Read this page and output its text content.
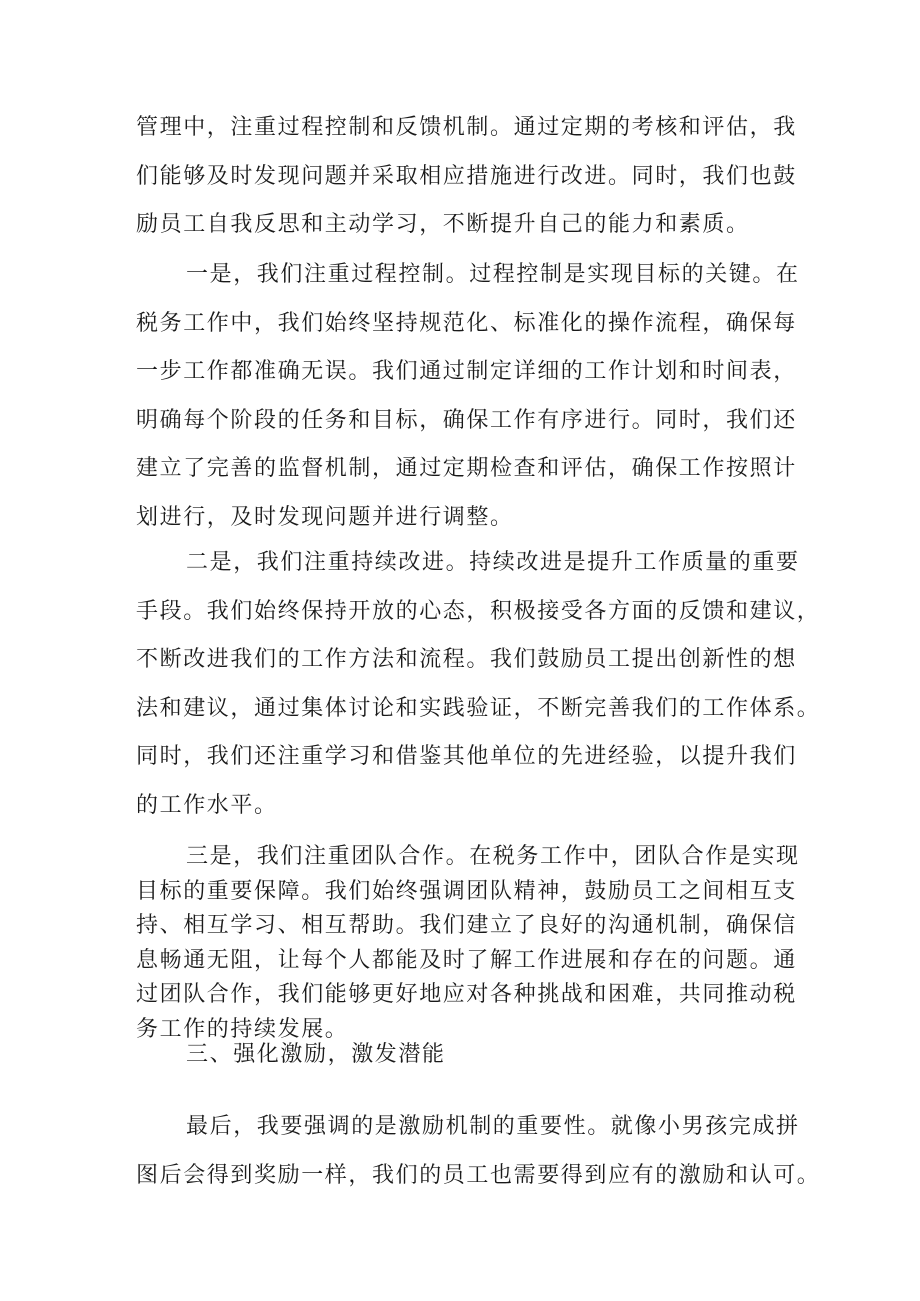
管理中，注重过程控制和反馈机制。通过定期的考核和评估，我
们能够及时发现问题并采取相应措施进行改进。同时，我们也鼓
励员工自我反思和主动学习，不断提升自己的能力和素质。
一是，我们注重过程控制。过程控制是实现目标的关键。在
税务工作中，我们始终坚持规范化、标准化的操作流程，确保每
一步工作都准确无误。我们通过制定详细的工作计划和时间表，
明确每个阶段的任务和目标，确保工作有序进行。同时，我们还
建立了完善的监督机制，通过定期检查和评估，确保工作按照计
划进行，及时发现问题并进行调整。
二是，我们注重持续改进。持续改进是提升工作质量的重要
手段。我们始终保持开放的心态，积极接受各方面的反馈和建议，
不断改进我们的工作方法和流程。我们鼓励员工提出创新性的想
法和建议，通过集体讨论和实践验证，不断完善我们的工作体系。
同时，我们还注重学习和借鉴其他单位的先进经验，以提升我们
的工作水平。
三是，我们注重团队合作。在税务工作中，团队合作是实现
目标的重要保障。我们始终强调团队精神，鼓励员工之间相互支
持、相互学习、相互帮助。我们建立了良好的沟通机制，确保信
息畅通无阻，让每个人都能及时了解工作进展和存在的问题。通
过团队合作，我们能够更好地应对各种挑战和困难，共同推动税
务工作的持续发展。
三、强化激励，激发潜能
最后，我要强调的是激励机制的重要性。就像小男孩完成拼
图后会得到奖励一样，我们的员工也需要得到应有的激励和认可。
